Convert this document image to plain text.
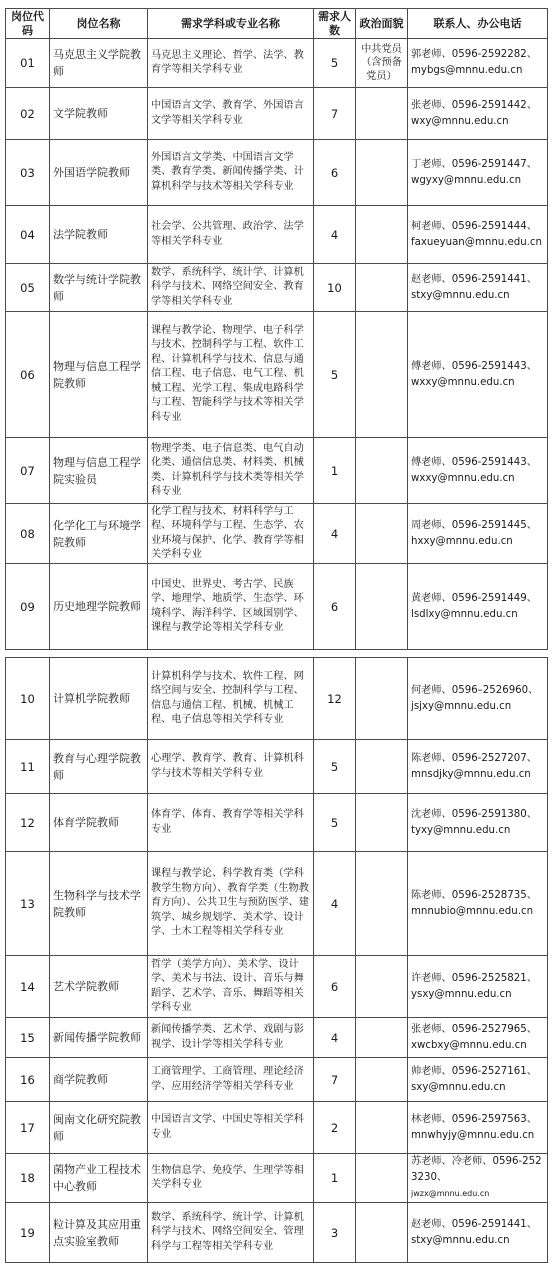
岗位代码	岗位名称	需求学科或专业名称	需求人数	政治面貌	联系人、办公电话
01	马克思主义学院教师	马克思主义理论、哲学、法学、教育学等相关学科专业	5	中共党员（含预备党员）	郭老师、0596-2592282、
mybgs@mnnu.edu.cn

02	文学院教师	中国语言文学、教育学、外国语言文学等相关学科专业	7		张老师、0596-2591442、
wxy@mnnu.edu.cn

03	外国语学院教师	外国语言文学类、中国语言文学类、教育学类、新闻传播学类、计算机科学与技术等相关学科专业	6		丁老师、0596-2591447、
wgyxy@mnnu.edu.cn

04	法学院教师	社会学、公共管理、政治学、法学等相关学科专业	4		柯老师、0596-2591444、
faxueyuan@mnnu.edu.cn

05	数学与统计学院教师	数学、系统科学、统计学、计算机科学与技术、网络空间安全、教育学等相关学科专业	10		赵老师、0596-2591441、
stxy@mnnu.edu.cn

06	物理与信息工程学院教师	课程与教学论、物理学、电子科学与技术、控制科学与工程、软件工程、计算机科学与技术、信息与通信工程、电子信息、电气工程、机械工程、光学工程、集成电路科学与工程、智能科学与技术等相关学科专业	5		傅老师、0596-2591443、
wxxy@mnnu.edu.cn

07	物理与信息工程学院实验员	物理学类、电子信息类、电气自动化类、通信信息类、材料类、机械类、计算机科学与技术类等相关学科专业	1		傅老师、0596-2591443、
wxxy@mnnu.edu.cn

08	化学化工与环境学院教师	化学工程与技术、材料科学与工程、环境科学与工程、生态学、农业环境与保护、化学、教育学等相关学科专业	4		周老师、0596-2591445、
hxxy@mnnu.edu.cn

09	历史地理学院教师	中国史、世界史、考古学、民族学、地理学、地质学、生态学、环境科学、海洋科学、区域国别学、课程与教学论等相关学科专业	6		黄老师、0596-2591449、
lsdlxy@mnnu.edu.cn
10	计算机学院教师	计算机科学与技术、软件工程、网络空间与安全、控制科学与工程、信息与通信工程、机械、机械工程、电子信息等相关学科专业	12		何老师、0596–2526960、
jsjxy@mnnu.edu.cn

11	教育与心理学院教师	心理学、教育学、教育、计算机科学与技术等相关学科专业	5		陈老师、0596-2527207、
mnsdjky@mnnu.edu.cn

12	体育学院教师	体育学、体育、教育学等相关学科专业	5		沈老师、0596-2591380、
tyxy@mnnu.edu.cn

13	生物科学与技术学院教师	课程与教学论、科学教育类（学科教学生物方向）、教育学类（生物教育方向）、公共卫生与预防医学、建筑学、城乡规划学、美术学、设计学、土木工程等相关学科专业	4		陈老师、0596-2528735、
mnnubio@mnnu.edu.cn

14	艺术学院教师	哲学（美学方向）、美术学、设计学、美术与书法、设计、音乐与舞蹈学、艺术学、音乐、舞蹈等相关学科专业	6		许老师、0596-2525821、
ysxy@mnnu.edu.cn

15	新闻传播学院教师	新闻传播学类、艺术学、戏剧与影视学、设计学等相关学科专业	4		张老师、0596-2527965、
xwcbxy@mnnu.edu.cn

16	商学院教师	工商管理学、工商管理、理论经济学、应用经济学等相关学科专业	7		帅老师、0596-2527161、
sxy@mnnu.edu.cn

17	闽南文化研究院教师	中国语言文学、中国史等相关学科专业	2		林老师、0596-2597563、
mnwhyjy@mnnu.edu.cn

18	菌物产业工程技术中心教师	生物信息学、免疫学、生理学等相关学科专业	1		苏老师、冷老师、0596-2523230、
jwzx@mnnu.edu.cn

19	粒计算及其应用重点实验室教师	数学、系统科学、统计学、计算机科学与技术、网络空间安全、管理科学与工程等相关学科专业	3		赵老师、0596-2591441、
stxy@mnnu.edu.cn
